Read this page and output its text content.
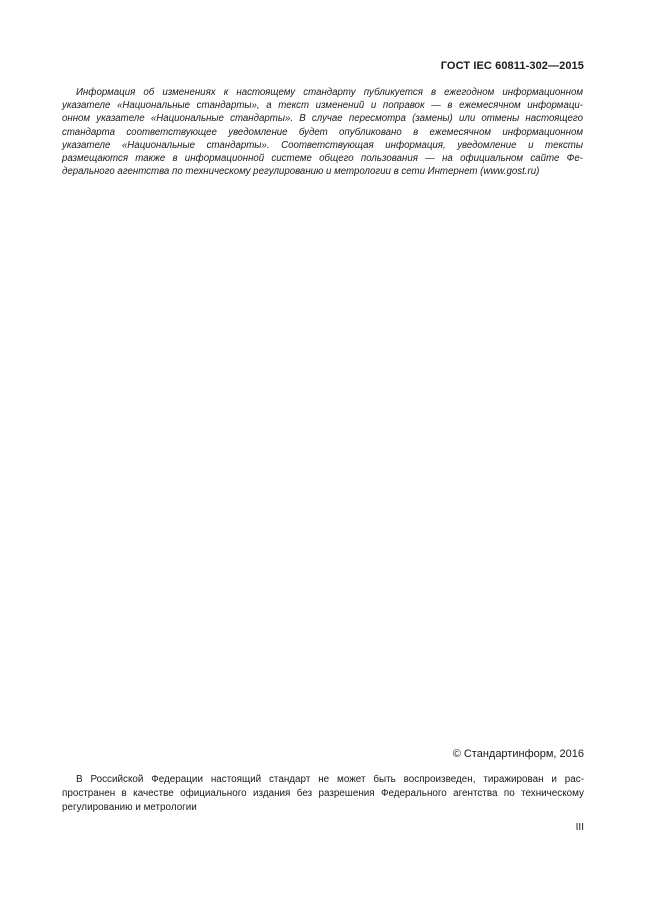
ГОСТ IEC 60811-302—2015
Информация об изменениях к настоящему стандарту публикуется в ежегодном информационном
указателе «Национальные стандарты», а текст изменений и поправок — в ежемесячном информаци-
онном указателе «Национальные стандарты». В случае пересмотра (замены) или отмены настоящего
стандарта соответствующее уведомление будет опубликовано в ежемесячном информационном
указателе «Национальные стандарты». Соответствующая информация, уведомление и тексты
размещаются также в информационной системе общего пользования — на официальном сайте Фе-
дерального агентства по техническому регулированию и метрологии в сети Интернет (www.gost.ru)
© Стандартинформ, 2016
В Российской Федерации настоящий стандарт не может быть воспроизведен, тиражирован и рас-
пространен в качестве официального издания без разрешения Федерального агентства по техническому
регулированию и метрологии
III
